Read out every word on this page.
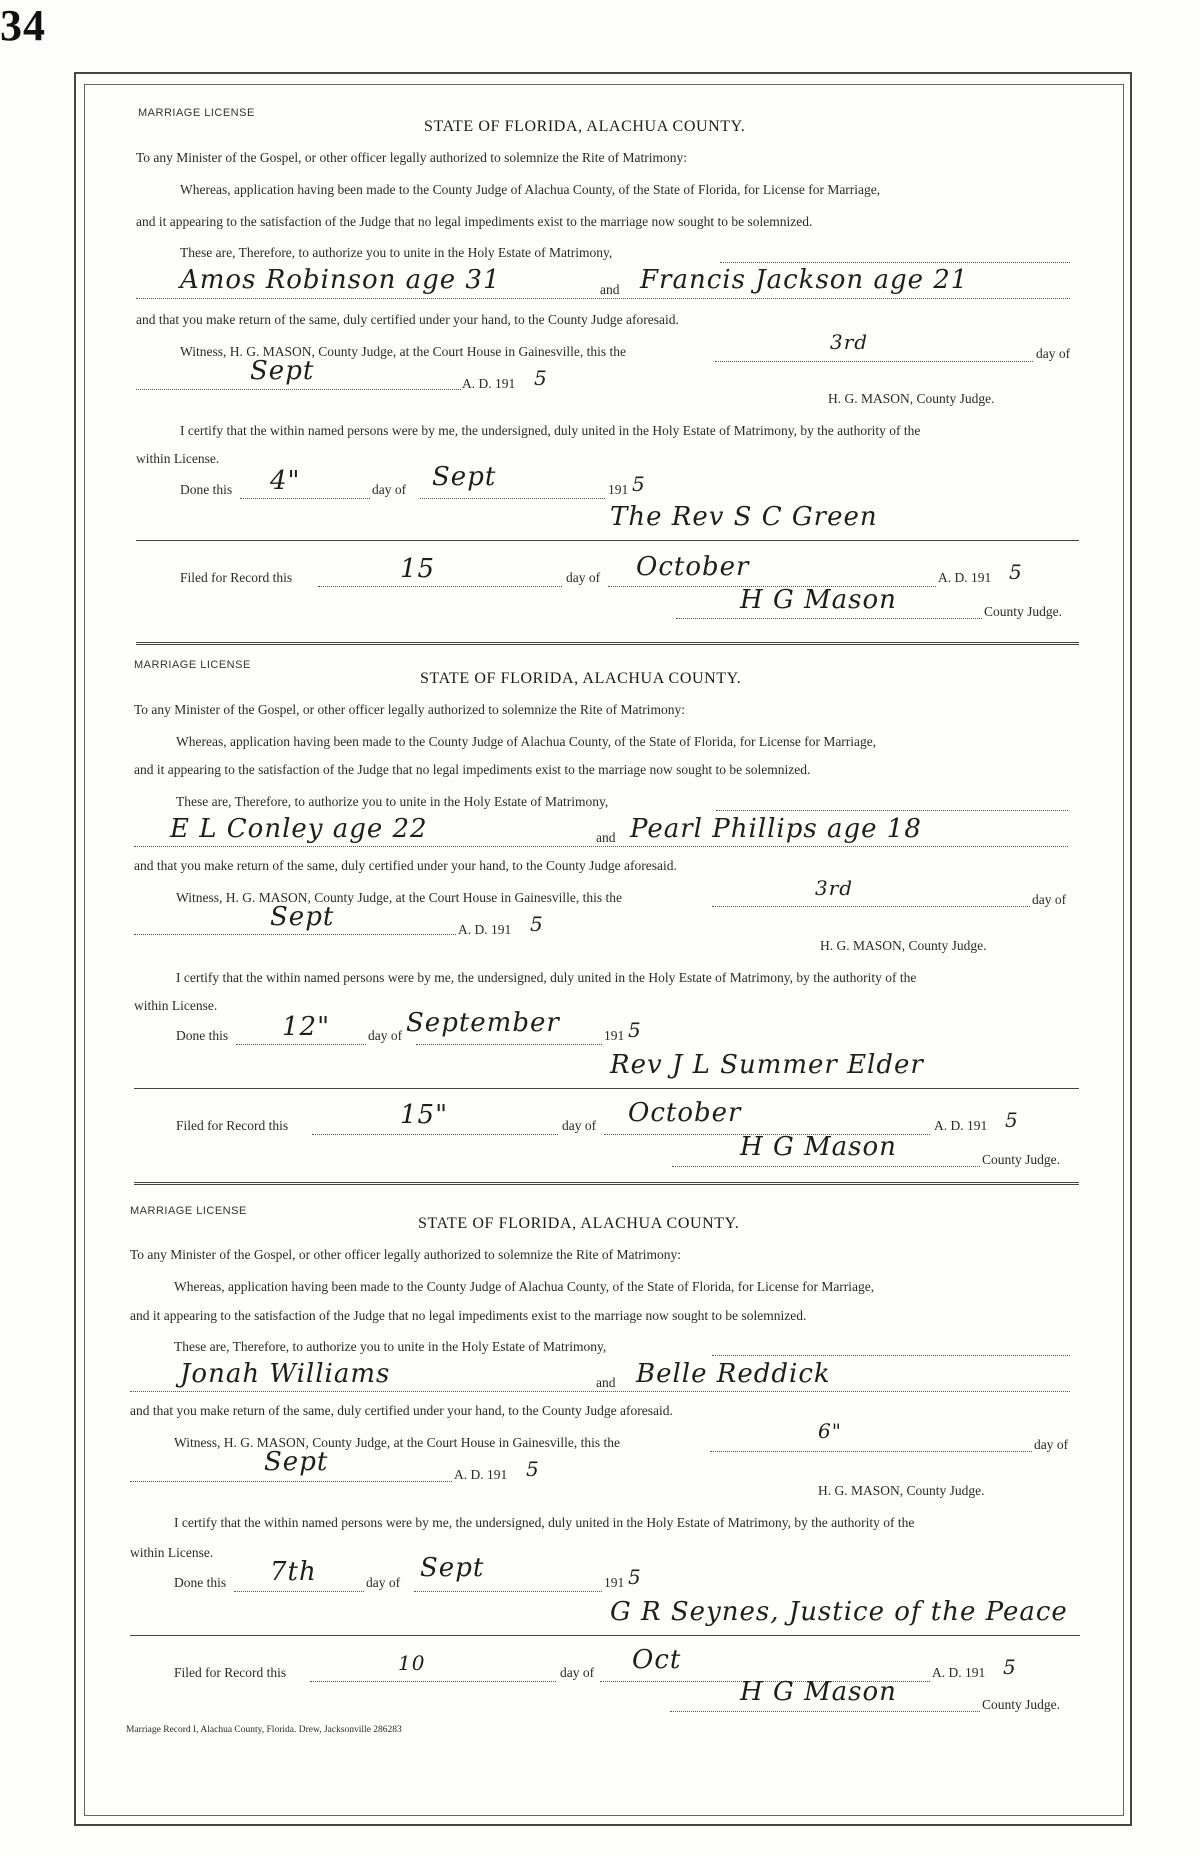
34
MARRIAGE LICENSE
STATE OF FLORIDA, ALACHUA COUNTY.
To any Minister of the Gospel, or other officer legally authorized to solemnize the Rite of Matrimony:
Whereas, application having been made to the County Judge of Alachua County, of the State of Florida, for License for Marriage,
and it appearing to the satisfaction of the Judge that no legal impediments exist to the marriage now sought to be solemnized.
These are, Therefore, to authorize you to unite in the Holy Estate of Matrimony,
Amos Robinson age 31	and Francis Jackson age 21
and that you make return of the same, duly certified under your hand, to the County Judge aforesaid.
Witness, H. G. MASON, County Judge, at the Court House in Gainesville, this the	3rd	day of
Sept	A. D. 191 5
H. G. MASON, County Judge.
I certify that the within named persons were by me, the undersigned, duly united in the Holy Estate of Matrimony, by the authority of the
within License.
Done this 4"	day of Sept	191 5
The Rev S C Green
Filed for Record this	15	day of October	A. D. 191 5
H G Mason	County Judge.
MARRIAGE LICENSE
STATE OF FLORIDA, ALACHUA COUNTY.
To any Minister of the Gospel, or other officer legally authorized to solemnize the Rite of Matrimony:
Whereas, application having been made to the County Judge of Alachua County, of the State of Florida, for License for Marriage,
and it appearing to the satisfaction of the Judge that no legal impediments exist to the marriage now sought to be solemnized.
These are, Therefore, to authorize you to unite in the Holy Estate of Matrimony,
E L Conley age 22	and Pearl Phillips age 18
and that you make return of the same, duly certified under your hand, to the County Judge aforesaid.
Witness, H. G. MASON, County Judge, at the Court House in Gainesville, this the	3rd	day of
Sept	A. D. 191 5
H. G. MASON, County Judge.
I certify that the within named persons were by me, the undersigned, duly united in the Holy Estate of Matrimony, by the authority of the
within License.
Done this 12"	day of September	191 5
Rev J L Summer Elder
Filed for Record this	15"	day of October	A. D. 191 5
H G Mason	County Judge.
MARRIAGE LICENSE
STATE OF FLORIDA, ALACHUA COUNTY.
To any Minister of the Gospel, or other officer legally authorized to solemnize the Rite of Matrimony:
Whereas, application having been made to the County Judge of Alachua County, of the State of Florida, for License for Marriage,
and it appearing to the satisfaction of the Judge that no legal impediments exist to the marriage now sought to be solemnized.
These are, Therefore, to authorize you to unite in the Holy Estate of Matrimony,
Jonah Williams	and Belle Reddick
and that you make return of the same, duly certified under your hand, to the County Judge aforesaid.
Witness, H. G. MASON, County Judge, at the Court House in Gainesville, this the	6"
day of
Sept	A. D. 191 5
H. G. MASON, County Judge.
I certify that the within named persons were by me, the undersigned, duly united in the Holy Estate of Matrimony, by the authority of the
within License.
Done this 7th	day of Sept	191 5
G R Seynes, Justice of the Peace
Filed for Record this	10	day of Oct	A. D. 191 5
H G Mason	County Judge.
Marriage Record I, Alachua County, Florida. Drew, Jacksonville 286283
